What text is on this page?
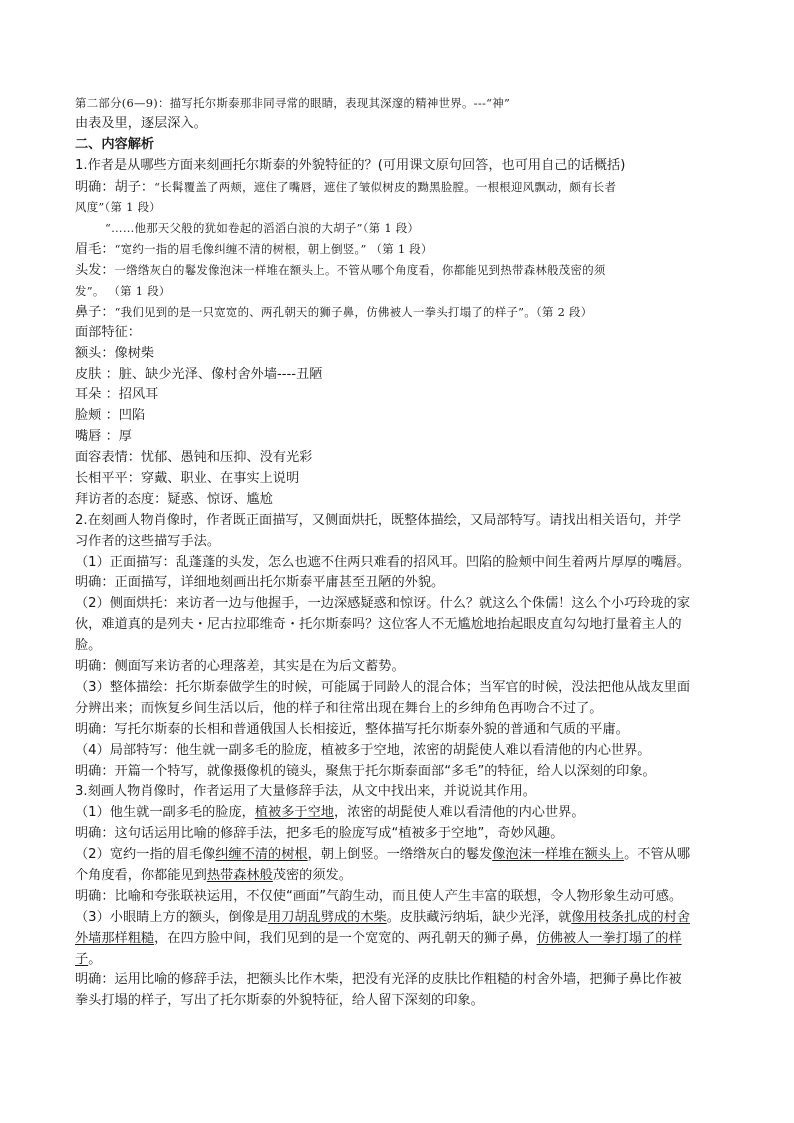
第二部分(6—9)：描写托尔斯泰那非同寻常的眼睛，表现其深邃的精神世界。---“神”
由表及里，逐层深入。
二、内容解析
1.作者是从哪些方面来刻画托尔斯泰的外貌特征的？(可用课文原句回答，也可用自己的话概括)
明确：胡子：“长髯覆盖了两颊，遮住了嘴唇，遮住了皱似树皮的黝黑脸膛。一根根迎风飘动，颇有长者
风度”（第 1 段）
“……他那天父般的犹如卷起的滔滔白浪的大胡子”（第 1 段）
眉毛：“宽约一指的眉毛像纠缠不清的树根，朝上倒竖。” （第 1 段）
头发：一绺绺灰白的鬈发像泡沫一样堆在额头上。不管从哪个角度看，你都能见到热带森林般茂密的须
发”。 （第 1 段）
鼻子：“我们见到的是一只宽宽的、两孔朝天的狮子鼻，仿佛被人一拳头打塌了的样子”。（第 2 段）
面部特征：
额头：像树柴
皮肤 ：脏、缺少光泽、像村舍外墙----丑陋
耳朵 ：招风耳
脸颊 ：凹陷
嘴唇 ：厚
面容表情：忧郁、愚钝和压抑、没有光彩
长相平平：穿戴、职业、在事实上说明
拜访者的态度：疑惑、惊讶、尴尬
2.在刻画人物肖像时，作者既正面描写，又侧面烘托，既整体描绘，又局部特写。请找出相关语句，并学
习作者的这些描写手法。
（1）正面描写：乱蓬蓬的头发，怎么也遮不住两只难看的招风耳。凹陷的脸颊中间生着两片厚厚的嘴唇。
明确：正面描写，详细地刻画出托尔斯泰平庸甚至丑陋的外貌。
（2）侧面烘托：来访者一边与他握手，一边深感疑惑和惊讶。什么？就这么个侏儒！这么个小巧玲珑的家
伙，难道真的是列夫・尼古拉耶维奇・托尔斯泰吗？这位客人不无尴尬地抬起眼皮直勾勾地打量着主人的
脸。
明确：侧面写来访者的心理落差，其实是在为后文蓄势。
（3）整体描绘：托尔斯泰做学生的时候，可能属于同龄人的混合体；当军官的时候，没法把他从战友里面
分辨出来；而恢复乡间生活以后，他的样子和往常出现在舞台上的乡绅角色再吻合不过了。
明确：写托尔斯泰的长相和普通俄国人长相接近，整体描写托尔斯泰外貌的普通和气质的平庸。
（4）局部特写：他生就一副多毛的脸庞，植被多于空地，浓密的胡髭使人难以看清他的内心世界。
明确：开篇一个特写，就像摄像机的镜头，聚焦于托尔斯泰面部“多毛”的特征，给人以深刻的印象。
3.刻画人物肖像时，作者运用了大量修辞手法，从文中找出来，并说说其作用。
（1）他生就一副多毛的脸庞，植被多于空地，浓密的胡髭使人难以看清他的内心世界。
明确：这句话运用比喻的修辞手法，把多毛的脸庞写成“植被多于空地”，奇妙风趣。
（2）宽约一指的眉毛像纠缠不清的树根，朝上倒竖。一绺绺灰白的鬈发像泡沫一样堆在额头上。不管从哪
个角度看，你都能见到热带森林般茂密的须发。
明确：比喻和夸张联袂运用，不仅使“画面”气韵生动，而且使人产生丰富的联想，令人物形象生动可感。
（3）小眼睛上方的额头，倒像是用刀胡乱劈成的木柴。皮肤藏污纳垢，缺少光泽，就像用枝条扎成的村舍
外墙那样粗糙，在四方脸中间，我们见到的是一个宽宽的、两孔朝天的狮子鼻，仿佛被人一拳打塌了的样
子。
明确：运用比喻的修辞手法，把额头比作木柴，把没有光泽的皮肤比作粗糙的村舍外墙，把狮子鼻比作被
拳头打塌的样子，写出了托尔斯泰的外貌特征，给人留下深刻的印象。
